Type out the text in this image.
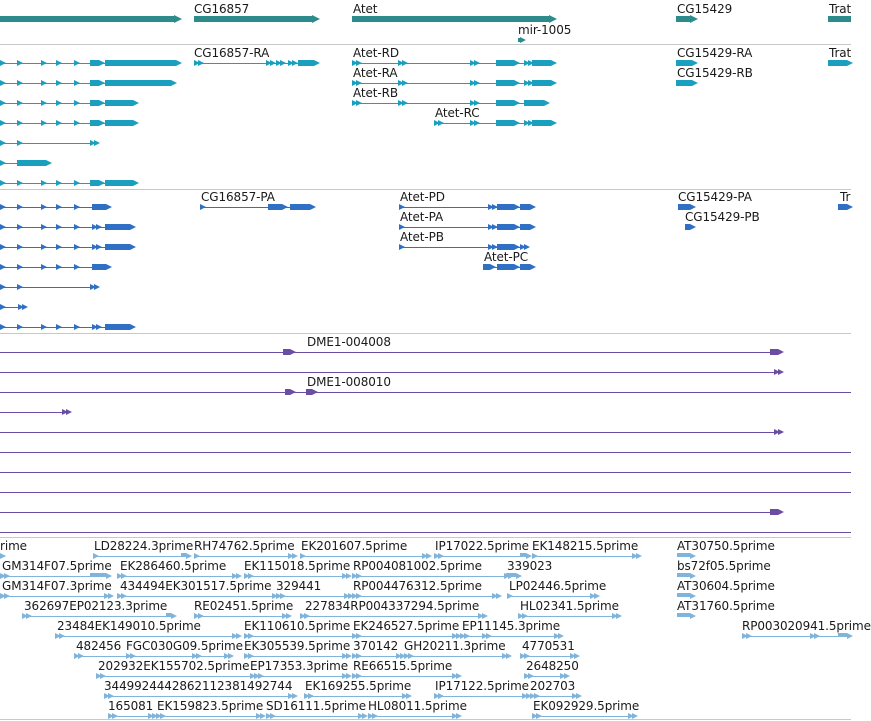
CG16857	Atet
mir-1005
CG15429	Trat
CG16857-RA	Atet-RD
Atet-RA
Atet-RB
Atet-RC
CG15429-RA
CG15429-RB
Trat
CG16857-PA	Atet-PD
Atet-PA
Atet-PB
Atet-PC
CG15429-PA
CG15429-PB
Tr
DME1-004008
DME1-008010
rime	LD28224.3prime RH74762.5prime EK201607.5prime IP17022.5prime EK148215.5prime	AT30750.5prime
GM314F07.5prime EK286460.5prime EK115018.5prime RP004081002.5prime 339023	bs72f05.5prime
GM314F07.3prime 434494EK301517.5prime 329441	RP004476312.5prime LP02446.5prime	AT30604.5prime
362697EP02123.3prime RE02451.5prime 227834RP004337294.5prime	HL02341.5prime	AT31760.5prime
23484EK149010.5prime	EK110610.5prime EK246527.5prime EP11145.3prime	RP003020941.5prime
482456 FGC030G09.5prime EK305539.5prime 370142 GH20211.3prime 4770531
202932EK155702.5prime EP17353.3prime RE66515.5prime	2648250
3449924442862112381492744 EK169255.5prime IP17122.5prime 202703
165081 EK159823.5prime SD16111.5prime HL08011.5prime	EK092929.5prime
